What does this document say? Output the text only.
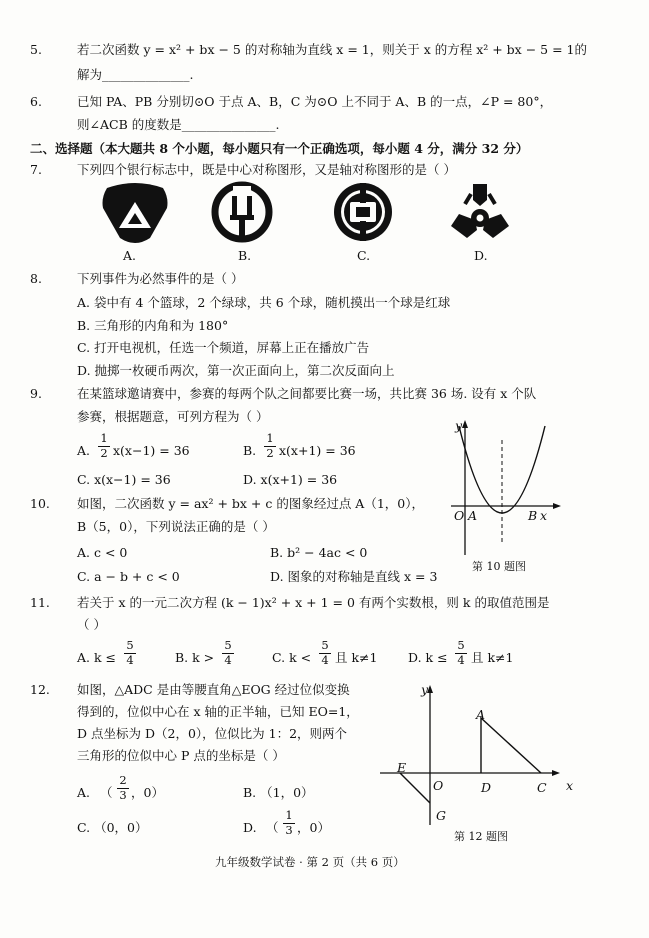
5.	若二次函数 y = x² + bx − 5 的对称轴为直线 x = 1，则关于 x 的方程 x² + bx − 5 = 1的
解为______________.
6.	已知 PA、PB 分别切⊙O 于点 A、B，C 为⊙O 上不同于 A、B 的一点，∠P = 80°，
则∠ACB 的度数是_______________.
二、选择题（本大题共 8 个小题，每小题只有一个正确选项，每小题 4 分，满分 32 分）
7.	下列四个银行标志中，既是中心对称图形，又是轴对称图形的是（ ）
A.	B.	C.	D.
8.	下列事件为必然事件的是（ ）
A. 袋中有 4 个篮球，2 个绿球，共 6 个球，随机摸出一个球是红球
B. 三角形的内角和为 180°
C. 打开电视机，任选一个频道，屏幕上正在播放广告
D. 抛掷一枚硬币两次，第一次正面向上，第二次反面向上
9.	在某篮球邀请赛中，参赛的每两个队之间都要比赛一场，共比赛 36 场. 设有 x 个队
参赛，根据题意，可列方程为（ ）
A.
1
2 x(x−1) = 36	B.
1
2 x(x+1) = 36
C. x(x−1) = 36	D. x(x+1) = 36
10. 如图，二次函数 y = ax² + bx + c 的图象经过点 A（1，0），
B（5，0），下列说法正确的是（ ）
A. c < 0	B. b² − 4ac < 0
C. a − b + c < 0	D. 图象的对称轴是直线 x = 3
y
O A	B x
第 10 题图
11. 若关于 x 的一元二次方程 (k − 1)x² + x + 1 = 0 有两个实数根，则 k 的取值范围是
（ ）
A. k ≤
5
4	B. k >
5
4	C. k <
5
4 且 k≠1 D. k ≤
5
4 且 k≠1
12. 如图，△ADC 是由等腰直角△EOG 经过位似变换
得到的，位似中心在 x 轴的正半轴，已知 EO=1，
D 点坐标为 D（2，0），位似比为 1：2，则两个
三角形的位似中心 P 点的坐标是（ ）
A. （
2
3 ，0）	B. （1，0）
C. （0，0）	D. （
1
3 ，0）
y
A
E
O	D	C x
G
第 12 题图
九年级数学试卷 · 第 2 页（共 6 页）
